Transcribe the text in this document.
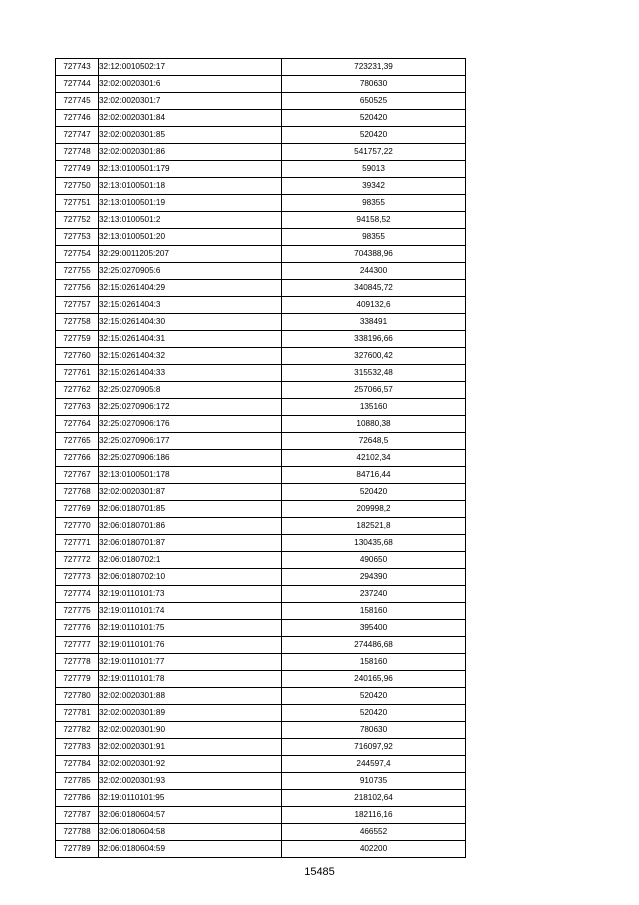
727743	32:12:0010502:17	723231,39
727744	32:02:0020301:6	780630
727745	32:02:0020301:7	650525
727746	32:02:0020301:84	520420
727747	32:02:0020301:85	520420
727748	32:02:0020301:86	541757,22
727749	32:13:0100501:179	59013
727750	32:13:0100501:18	39342
727751	32:13:0100501:19	98355
727752	32:13:0100501:2	94158,52
727753	32:13:0100501:20	98355
727754	32:29:0011205:207	704388,96
727755	32:25:0270905:6	244300
727756	32:15:0261404:29	340845,72
727757	32:15:0261404:3	409132,6
727758	32:15:0261404:30	338491
727759	32:15:0261404:31	338196,66
727760	32:15:0261404:32	327600,42
727761	32:15:0261404:33	315532,48
727762	32:25:0270905:8	257066,57
727763	32:25:0270906:172	135160
727764	32:25:0270906:176	10880,38
727765	32:25:0270906:177	72648,5
727766	32:25:0270906:186	42102,34
727767	32:13:0100501:178	84716,44
727768	32:02:0020301:87	520420
727769	32:06:0180701:85	209998,2
727770	32:06:0180701:86	182521,8
727771	32:06:0180701:87	130435,68
727772	32:06:0180702:1	490650
727773	32:06:0180702:10	294390
727774	32:19:0110101:73	237240
727775	32:19:0110101:74	158160
727776	32:19:0110101:75	395400
727777	32:19:0110101:76	274486,68
727778	32:19:0110101:77	158160
727779	32:19:0110101:78	240165,96
727780	32:02:0020301:88	520420
727781	32:02:0020301:89	520420
727782	32:02:0020301:90	780630
727783	32:02:0020301:91	716097,92
727784	32:02:0020301:92	244597,4
727785	32:02:0020301:93	910735
727786	32:19:0110101:95	218102,64
727787	32:06:0180604:57	182116,16
727788	32:06:0180604:58	466552
727789	32:06:0180604:59	402200
15485
